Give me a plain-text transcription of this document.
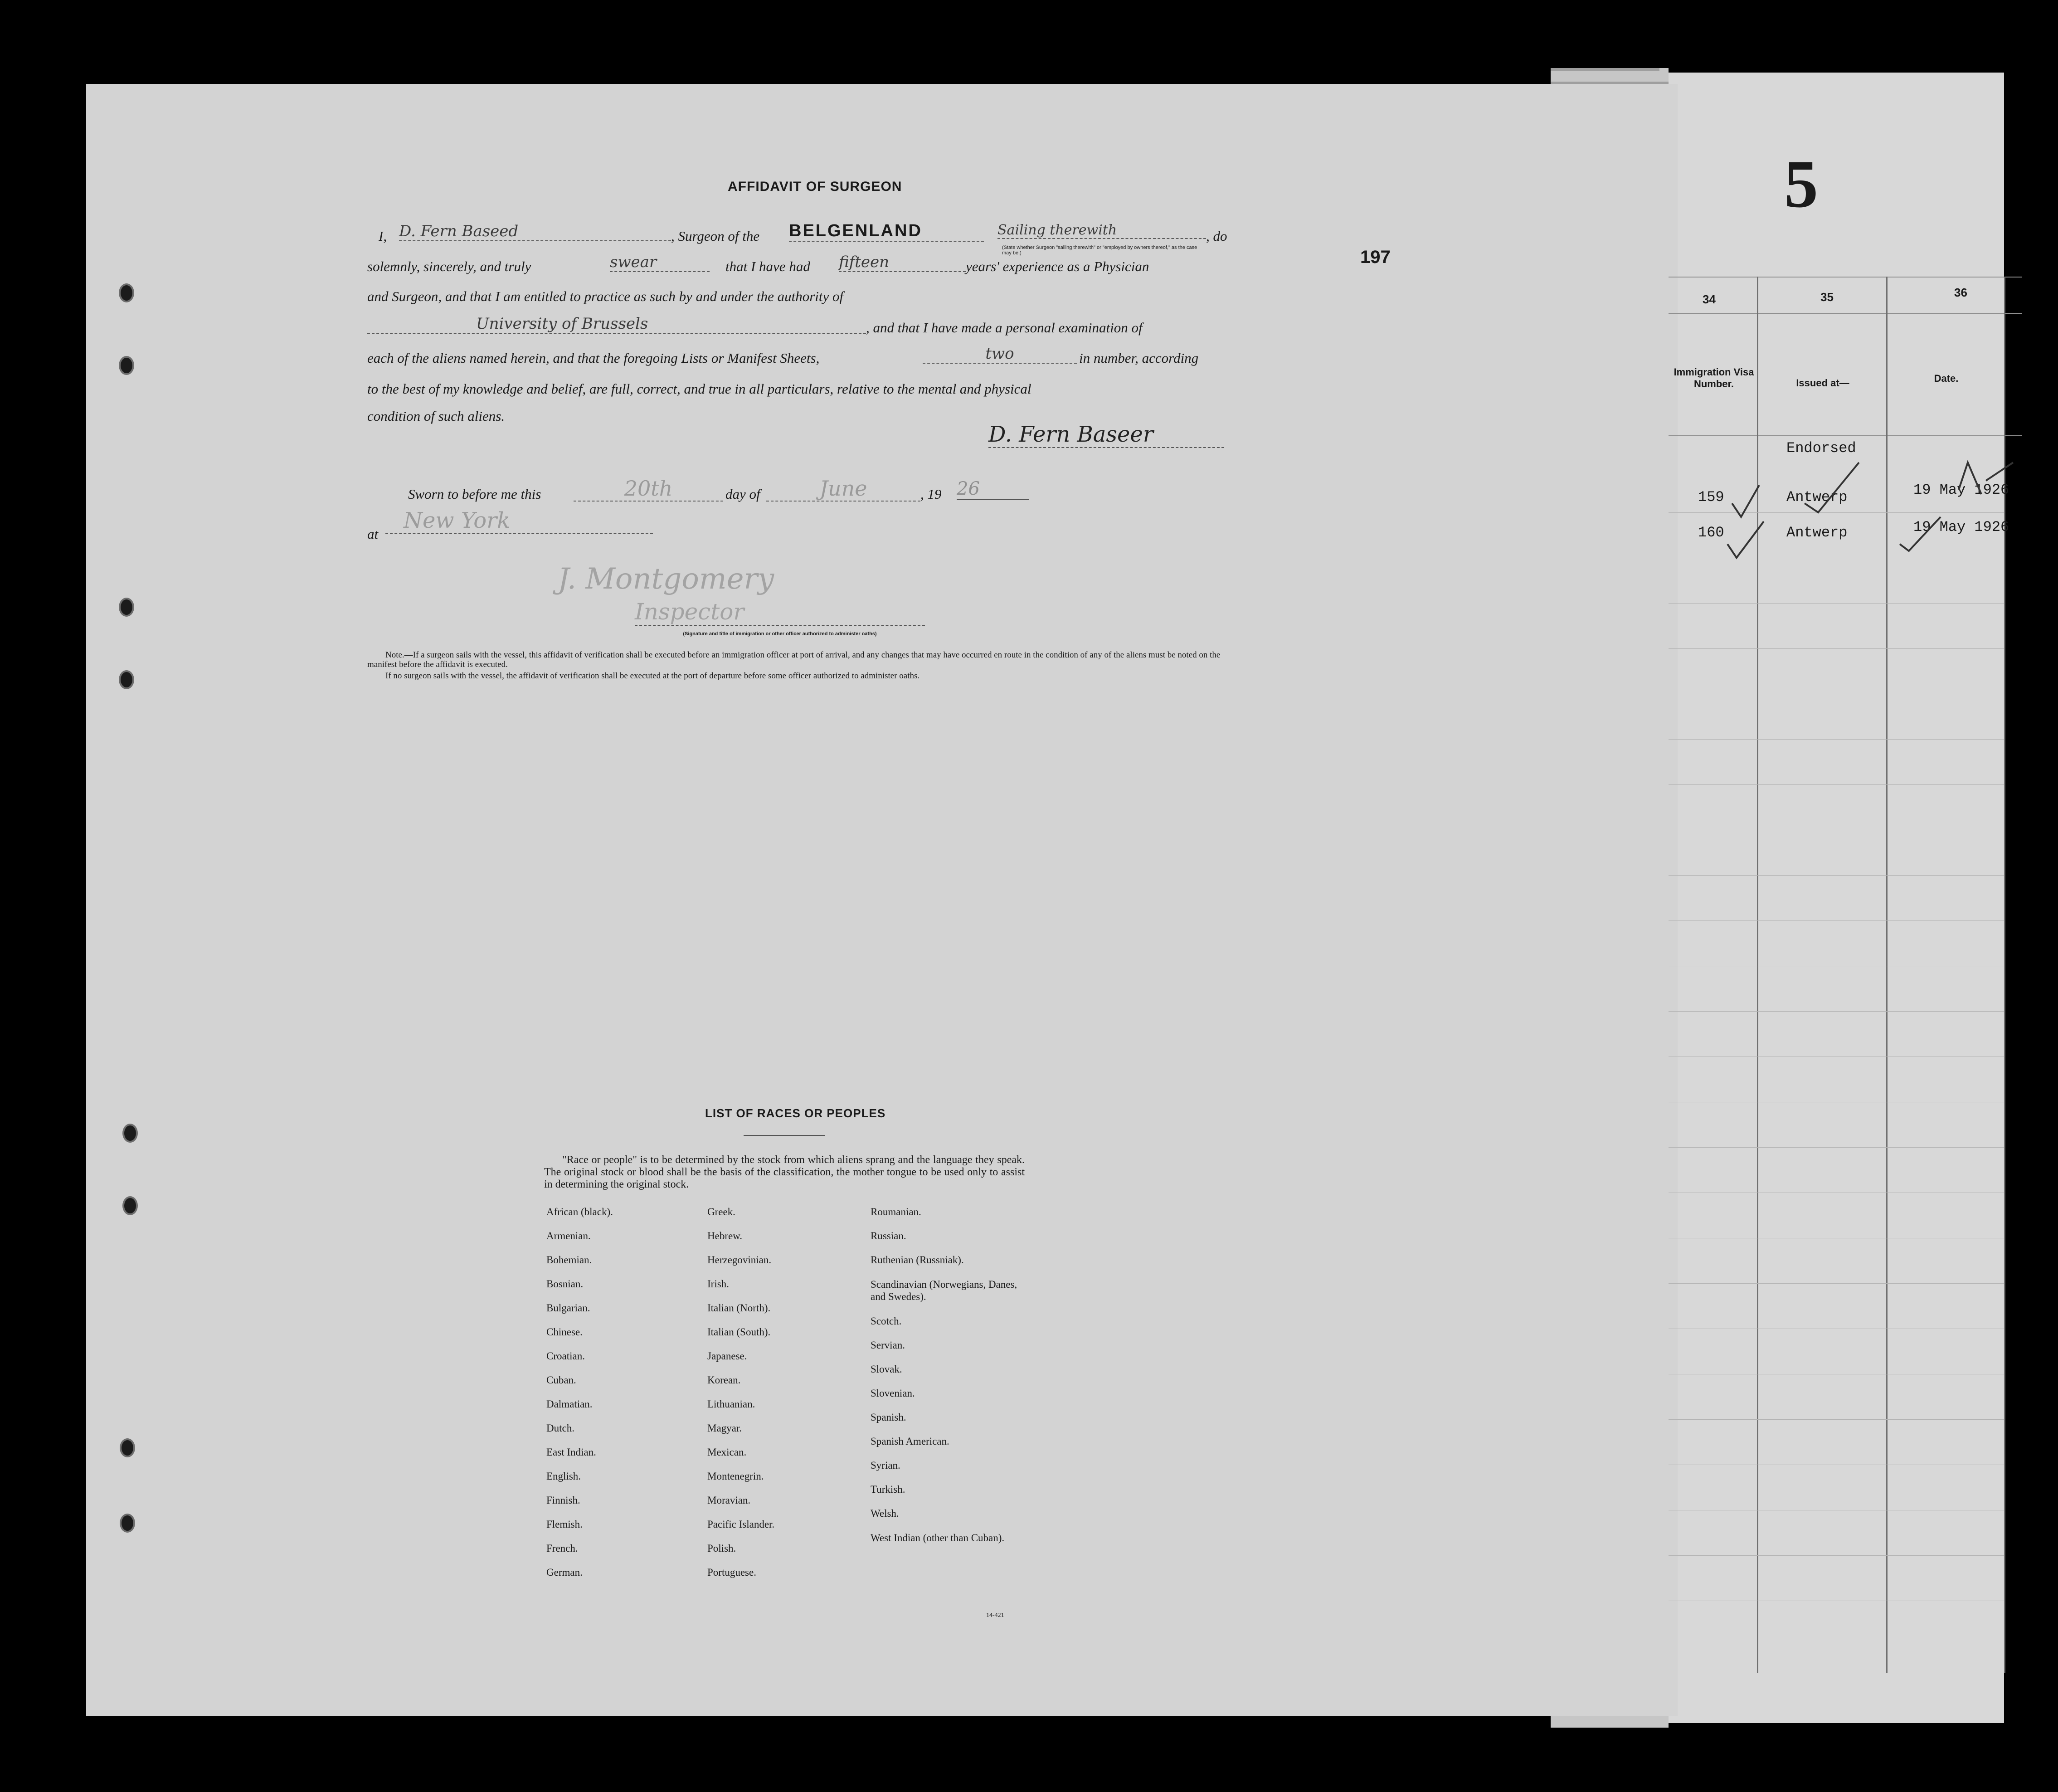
AFFIDAVIT OF SURGEON
I, D. Fern Baseed	, Surgeon of the BELGENLAND	Sailing therewith
(State whether Surgeon "sailing therewith" or "employed by owners thereof," as the case may be.)
, do
solemnly, sincerely, and truly	swear	that I have had fifteen	years' experience as a Physician
and Surgeon, and that I am entitled to practice as such by and under the authority of
University of Brussels	, and that I have made a personal examination of
each of the aliens named herein, and that the foregoing Lists or Manifest Sheets,	two	in number, according
to the best of my knowledge and belief, are full, correct, and true in all particulars, relative to the mental and physical
condition of such aliens.
D. Fern Baseer
Sworn to before me this	20th	day of	June	, 19 26
at
New York
J. Montgomery
Inspector
(Signature and title of immigration or other officer authorized to administer oaths)
Note.—If a surgeon sails with the vessel, this affidavit of verification shall be executed before an immigration officer at port of arrival, and any changes that may have occurred en route in the condition of any of the aliens must be noted on the manifest before the affidavit is executed.
If no surgeon sails with the vessel, the affidavit of verification shall be executed at the port of departure before some officer authorized to administer oaths.
197
LIST OF RACES OR PEOPLES
"Race or people" is to be determined by the stock from which aliens sprang and the language they speak. The original stock or blood shall be the basis of the classification, the mother tongue to be used only to assist in determining the original stock.
African (black).
Armenian.
Bohemian.
Bosnian.
Bulgarian.
Chinese.
Croatian.
Cuban.
Dalmatian.
Dutch.
East Indian.
English.
Finnish.
Flemish.
French.
German.
Greek.
Hebrew.
Herzegovinian.
Irish.
Italian (North).
Italian (South).
Japanese.
Korean.
Lithuanian.
Magyar.
Mexican.
Montenegrin.
Moravian.
Pacific Islander.
Polish.
Portuguese.
Roumanian.
Russian.
Ruthenian (Russniak).
Scandinavian (Norwegians, Danes, and Swedes).
Scotch.
Servian.
Slovak.
Slovenian.
Spanish.
Spanish American.
Syrian.
Turkish.
Welsh.
West Indian (other than Cuban).
14-421
5
34	35	36
Immigration Visa Number.	Issued at—	Date.
Endorsed
159	Antwerp	19 May 1926
160	Antwerp	19 May 1926
